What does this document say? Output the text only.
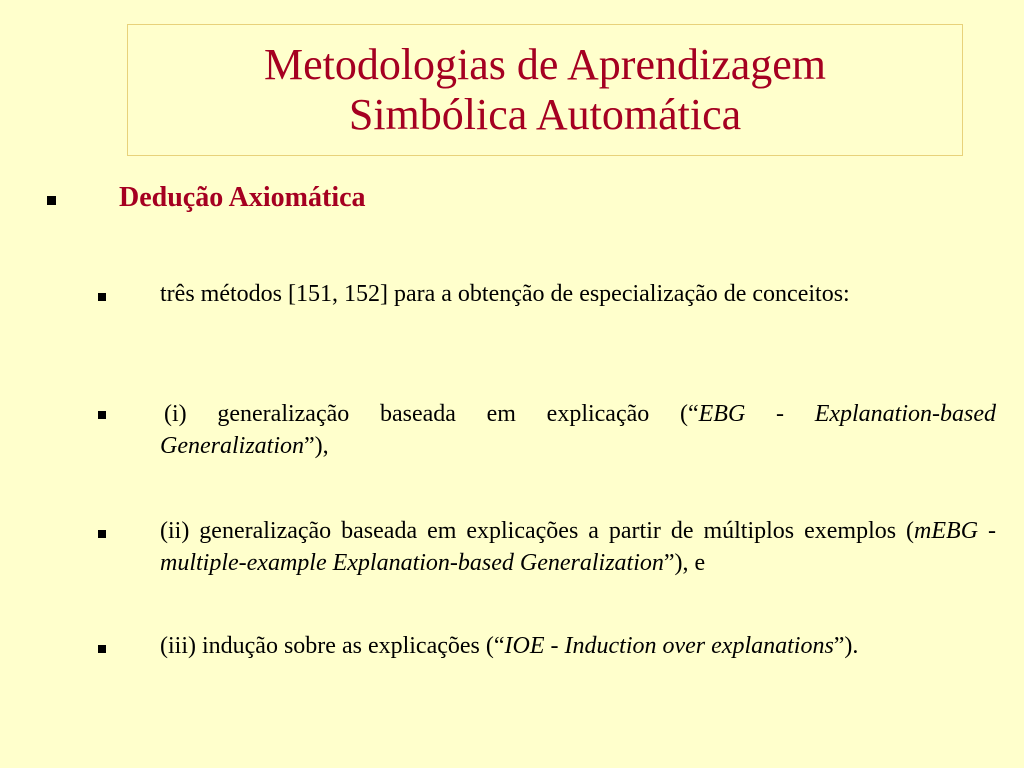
Metodologias de Aprendizagem
Simbólica Automática
Dedução Axiomática
três métodos [151, 152] para a obtenção de especialização de conceitos:
(i) generalização baseada em explicação (“EBG - Explanation-based Generalization”),
(ii) generalização baseada em explicações a partir de múltiplos exemplos (mEBG - multiple-example Explanation-based Generalization”), e
(iii) indução sobre as explicações (“IOE - Induction over explanations”).
